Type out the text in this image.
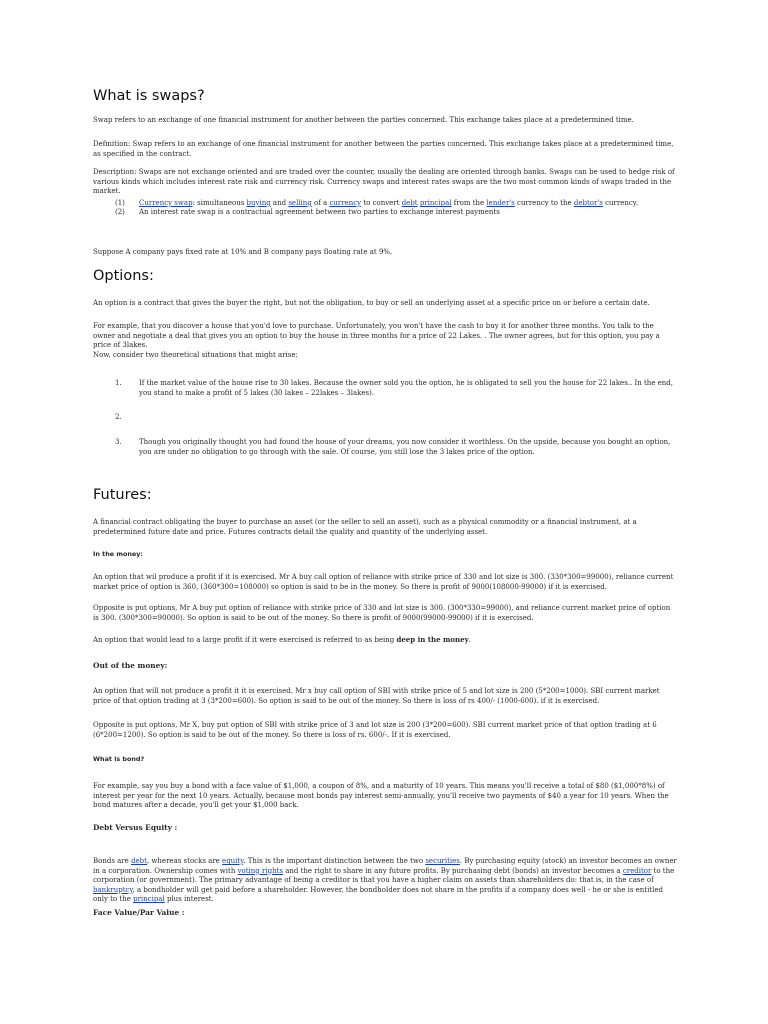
What is swaps?

Swap refers to an exchange of one financial instrument for another between the parties concerned. This exchange takes place at a predetermined time.

Definition: Swap refers to an exchange of one financial instrument for another between the parties concerned. This exchange takes place at a predetermined time, as specified in the contract.

Description: Swaps are not exchange oriented and are traded over the counter, usually the dealing are oriented through banks. Swaps can be used to hedge risk of various kinds which includes interest rate risk and currency risk. Currency swaps and interest rates swaps are the two most common kinds of swaps traded in the market.

(1) Currency swap: simultaneous buying and selling of a currency to convert debt principal from the lender's currency to the debtor's currency.
(2) An interest rate swap is a contractual agreement between two parties to exchange interest payments

Suppose A company pays fixed rate at 10% and B company pays floating rate at 9%.

Options:

An option is a contract that gives the buyer the right, but not the obligation, to buy or sell an underlying asset at a specific price on or before a certain date.

For example, that you discover a house that you'd love to purchase. Unfortunately, you won't have the cash to buy it for another three months. You talk to the owner and negotiate a deal that gives you an option to buy the house in three months for a price of 22 Lakes. . The owner agrees, but for this option, you pay a price of 3lakes.

Now, consider two theoretical situations that might arise:

1. If the market value of the house rise to 30 lakes. Because the owner sold you the option, he is obligated to sell you the house for 22 lakes.. In the end, you stand to make a profit of 5 lakes (30 lakes – 22lakes – 3lakes).
2.
3. Though you originally thought you had found the house of your dreams, you now consider it worthless. On the upside, because you bought an option, you are under no obligation to go through with the sale. Of course, you still lose the 3 lakes price of the option.
Futures:

A financial contract obligating the buyer to purchase an asset (or the seller to sell an asset), such as a physical commodity or a financial instrument, at a predetermined future date and price. Futures contracts detail the quality and quantity of the underlying asset.

In the money:

An option that wil produce a profit if it is exercised. Mr A buy call option of reliance with strike price of 330 and lot size is 300. (330*300=99000), reliance current market price of option is 360, (360*300=108000) so option is said to be in the money. So there is profit of 9000(108000-99000) if it is exercised.

Opposite is put options, Mr A buy put option of reliance with strike price of 330 and lot size is 300. (300*330=99000), and reliance current market price of option is 300. (300*300=90000). So option is said to be out of the money. So there is profit of 9000(99000-99000) if it is exercised.

An option that would lead to a large profit if it were exercised is referred to as being deep in the money.

Out of the money:

An option that will not produce a profit it it is exercised. Mr x buy call option of SBI with strike price of 5 and lot size is 200 (5*200=1000). SBI current market price of that option trading at 3 (3*200=600). So option is said to be out of the money. So there is loss of rs 400/- (1000-600). if it is exercised.

Opposite is put options, Mr X, buy put option of SBI with strike price of 3 and lot size is 200 (3*200=600). SBI current market price of that option trading at 6 (6*200=1200). So option is said to be out of the money. So there is loss of rs. 600/-. If it is exercised.

What is bond?

For example, say you buy a bond with a face value of $1,000, a coupon of 8%, and a maturity of 10 years. This means you'll receive a total of $80 ($1,000*8%) of interest per year for the next 10 years. Actually, because most bonds pay interest semi-annually, you'll receive two payments of $40 a year for 10 years. When the bond matures after a decade, you'll get your $1,000 back.

Debt Versus Equity :

Bonds are debt, whereas stocks are equity. This is the important distinction between the two securities. By purchasing equity (stock) an investor becomes an owner in a corporation. Ownership comes with voting rights and the right to share in any future profits. By purchasing debt (bonds) an investor becomes a creditor to the corporation (or government). The primary advantage of being a creditor is that you have a higher claim on assets than shareholders do: that is, in the case of bankruptcy, a bondholder will get paid before a shareholder. However, the bondholder does not share in the profits if a company does well - he or she is entitled only to the principal plus interest.

Face Value/Par Value :
